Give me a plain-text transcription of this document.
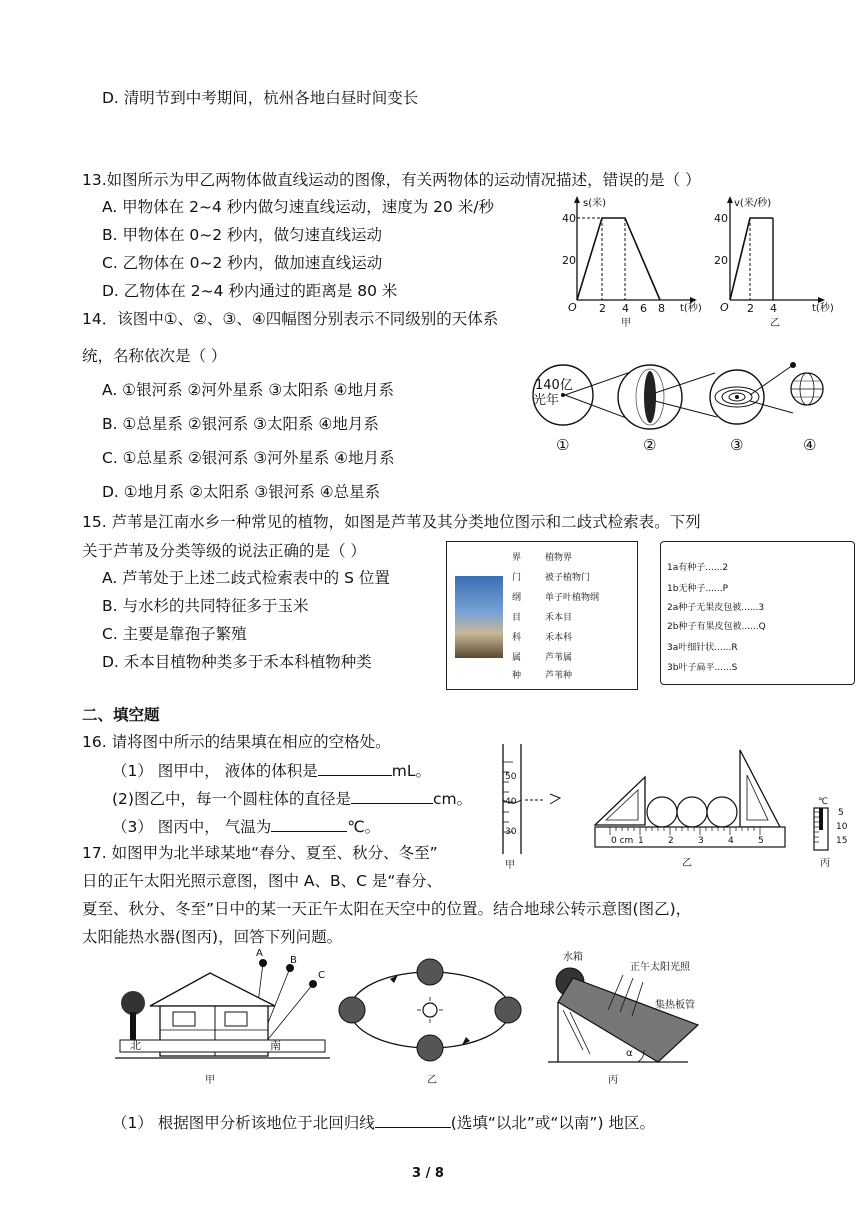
D. 清明节到中考期间，杭州各地白昼时间变长
13.如图所示为甲乙两物体做直线运动的图像，有关两物体的运动情况描述，错误的是（ ）
A. 甲物体在 2~4 秒内做匀速直线运动，速度为 20 米/秒
B. 甲物体在 0~2 秒内，做匀速直线运动
C. 乙物体在 0~2 秒内，做加速直线运动
D. 乙物体在 2~4 秒内通过的距离是 80 米
s(米)
40
20
O 2 4 6 8 t(秒)
甲
v(米/秒)
40
20
O 2 4	t(秒)
乙
14．该图中①、②、③、④四幅图分别表示不同级别的天体系
统，名称依次是（ ）
A. ①银河系 ②河外星系 ③太阳系 ④地月系
B. ①总星系 ②银河系 ③太阳系 ④地月系
C. ①总星系 ②银河系 ③河外星系 ④地月系
D. ①地月系 ②太阳系 ③银河系 ④总星系
140亿
光年
①	②	③	④
15. 芦苇是江南水乡一种常见的植物，如图是芦苇及其分类地位图示和二歧式检索表。下列
关于芦苇及分类等级的说法正确的是（ ）
A. 芦苇处于上述二歧式检索表中的 S 位置
B. 与水杉的共同特征多于玉米
C. 主要是靠孢子繁殖
D. 禾本目植物种类多于禾本科植物种类
界	植物界
门	被子植物门
纲	单子叶植物纲
目	禾本目
科	禾本科
属	芦苇属
种	芦苇种
1a有种子......2
1b无种子......P
2a种子无果皮包被......3
2b种子有果皮包被......Q
3a叶细针状......R
3b叶子扁平......S
二、填空题
16. 请将图中所示的结果填在相应的空格处。
（1） 图甲中， 液体的体积是	mL。
(2)图乙中，每一个圆柱体的直径是	cm。
（3） 图丙中， 气温为	℃。
50
40
30
甲
0 cm 1	2	3	4	5
乙
℃
5
10
15
丙
17. 如图甲为北半球某地“春分、夏至、秋分、冬至”
日的正午太阳光照示意图，图中 A、B、C 是“春分、
夏至、秋分、冬至”日中的某一天正午太阳在天空中的位置。结合地球公转示意图(图乙)，
太阳能热水器(图丙)，回答下列问题。
A
B
C
北	南
甲	乙
水箱
正午太阳光照
集热板管
α
丙
（1） 根据图甲分析该地位于北回归线	(选填“以北”或“以南”) 地区。
3 / 8
